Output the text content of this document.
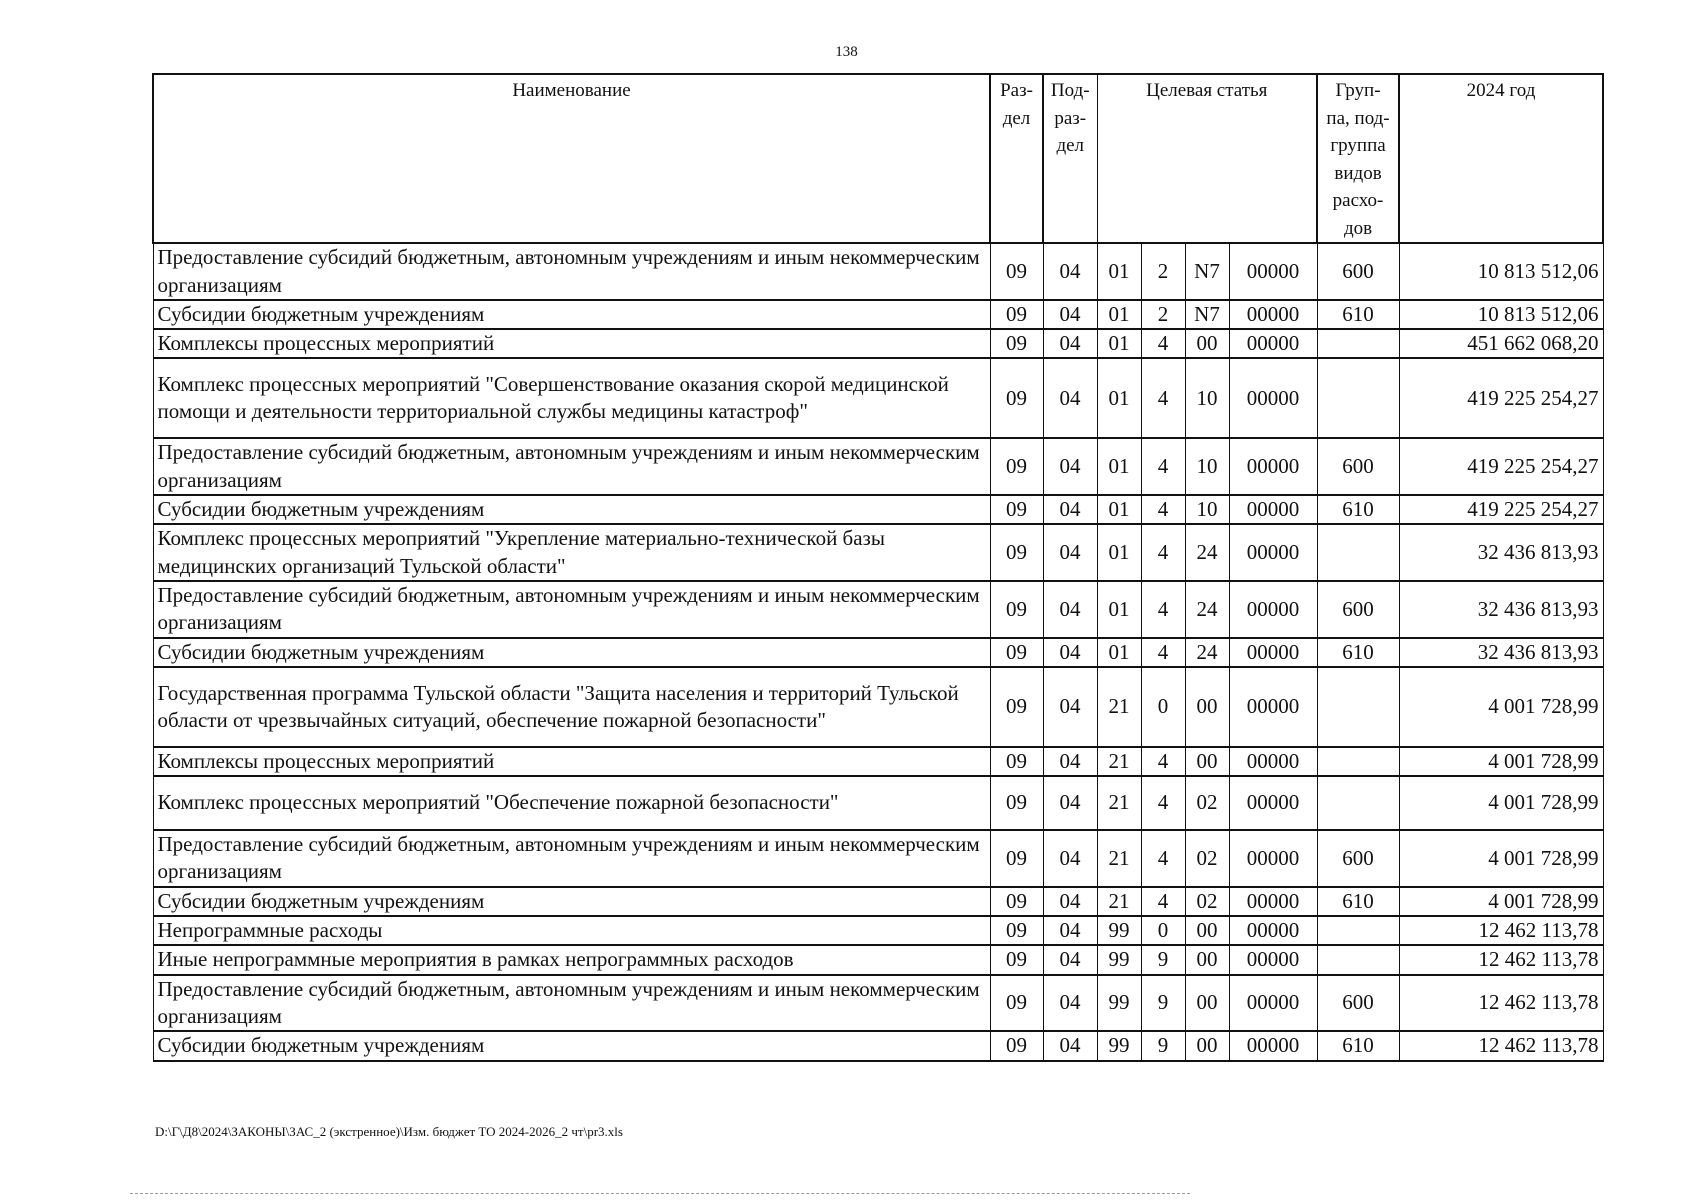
138
Наименование	Раз- дел	Под- раз- дел	Целевая статья				Груп- па, под- группа видов расхо- дов	2024 год
Предоставление субсидий бюджетным, автономным учреждениям и иным некоммерческим организациям	09	04	01	2	N7	00000	600	10 813 512,06
Субсидии бюджетным учреждениям	09	04	01	2	N7	00000	610	10 813 512,06
Комплексы процессных мероприятий	09	04	01	4	00	00000		451 662 068,20
Комплекс процессных мероприятий "Совершенствование оказания скорой медицинской помощи и деятельности территориальной службы медицины катастроф"	09	04	01	4	10	00000		419 225 254,27
Предоставление субсидий бюджетным, автономным учреждениям и иным некоммерческим организациям	09	04	01	4	10	00000	600	419 225 254,27
Субсидии бюджетным учреждениям	09	04	01	4	10	00000	610	419 225 254,27
Комплекс процессных мероприятий "Укрепление материально-технической базы медицинских организаций Тульской области"	09	04	01	4	24	00000		32 436 813,93
Предоставление субсидий бюджетным, автономным учреждениям и иным некоммерческим организациям	09	04	01	4	24	00000	600	32 436 813,93
Субсидии бюджетным учреждениям	09	04	01	4	24	00000	610	32 436 813,93
Государственная программа Тульской области "Защита населения и территорий Тульской области от чрезвычайных ситуаций, обеспечение пожарной безопасности"	09	04	21	0	00	00000		4 001 728,99
Комплексы процессных мероприятий	09	04	21	4	00	00000		4 001 728,99
Комплекс процессных мероприятий "Обеспечение пожарной безопасности"	09	04	21	4	02	00000		4 001 728,99
Предоставление субсидий бюджетным, автономным учреждениям и иным некоммерческим организациям	09	04	21	4	02	00000	600	4 001 728,99
Субсидии бюджетным учреждениям	09	04	21	4	02	00000	610	4 001 728,99
Непрограммные расходы	09	04	99	0	00	00000		12 462 113,78
Иные непрограммные мероприятия в рамках непрограммных расходов	09	04	99	9	00	00000		12 462 113,78
Предоставление субсидий бюджетным, автономным учреждениям и иным некоммерческим организациям	09	04	99	9	00	00000	600	12 462 113,78
Субсидии бюджетным учреждениям	09	04	99	9	00	00000	610	12 462 113,78
D:\Г\Д8\2024\ЗАКОНЫ\ЗАС_2 (экстренное)\Изм. бюджет ТО 2024-2026_2 чт\pr3.xls
